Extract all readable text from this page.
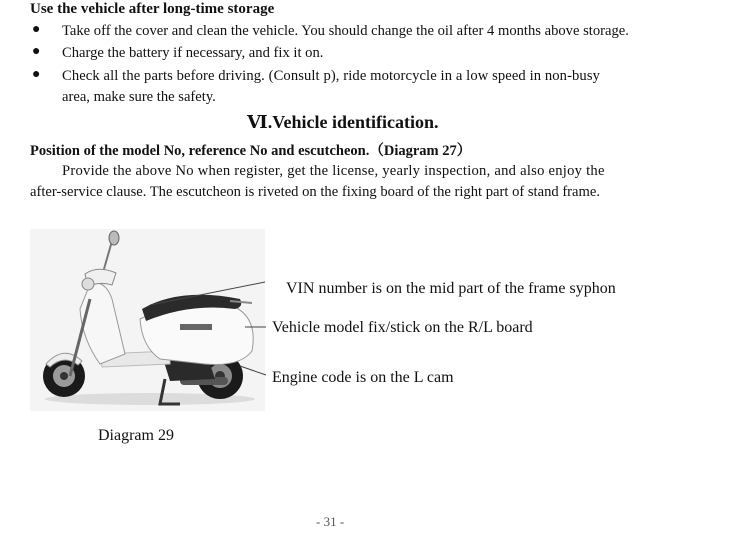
Use the vehicle after long-time storage
● Take off the cover and clean the vehicle. You should change the oil after 4 months above storage.
● Charge the battery if necessary, and fix it on.
● Check all the parts before driving. (Consult p), ride motorcycle in a low speed in non-busy
area, make sure the safety.
Ⅵ.Vehicle identification.
Position of the model No, reference No and escutcheon.（Diagram 27）
Provide the above No when register, get the license, yearly inspection, and also enjoy the
after-service clause. The escutcheon is riveted on the fixing board of the right part of stand frame.
VIN number is on the mid part of the frame syphon
Vehicle model fix/stick on the R/L board
Engine code is on the L cam
Diagram 29
- 31 -
